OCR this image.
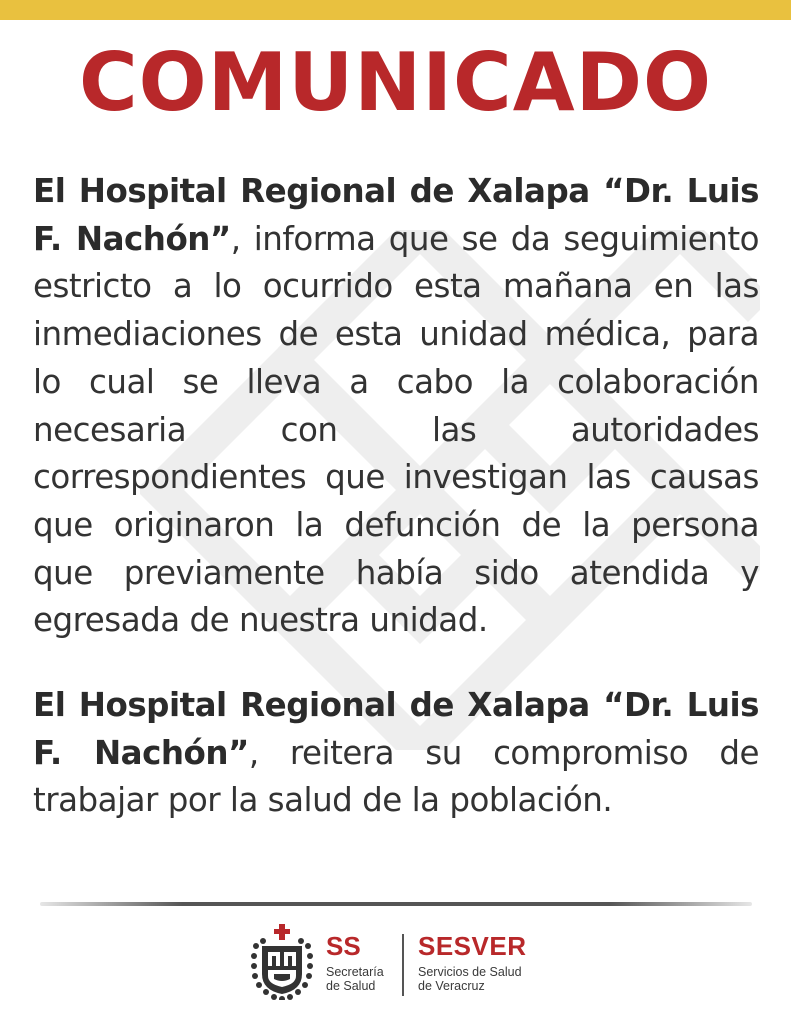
COMUNICADO
El Hospital Regional de Xalapa “Dr. Luis F. Nachón”, informa que se da seguimiento estricto a lo ocurrido esta mañana en las inmediaciones de esta unidad médica, para lo cual se lleva a cabo la colaboración necesaria con las autoridades correspondientes que investigan las causas que originaron la defunción de la persona que previamente había sido atendida y egresada de nuestra unidad.
El Hospital Regional de Xalapa “Dr. Luis F. Nachón”, reitera su compromiso de trabajar por la salud de la población.
SS
Secretaría
de Salud
SESVER
Servicios de Salud
de Veracruz
